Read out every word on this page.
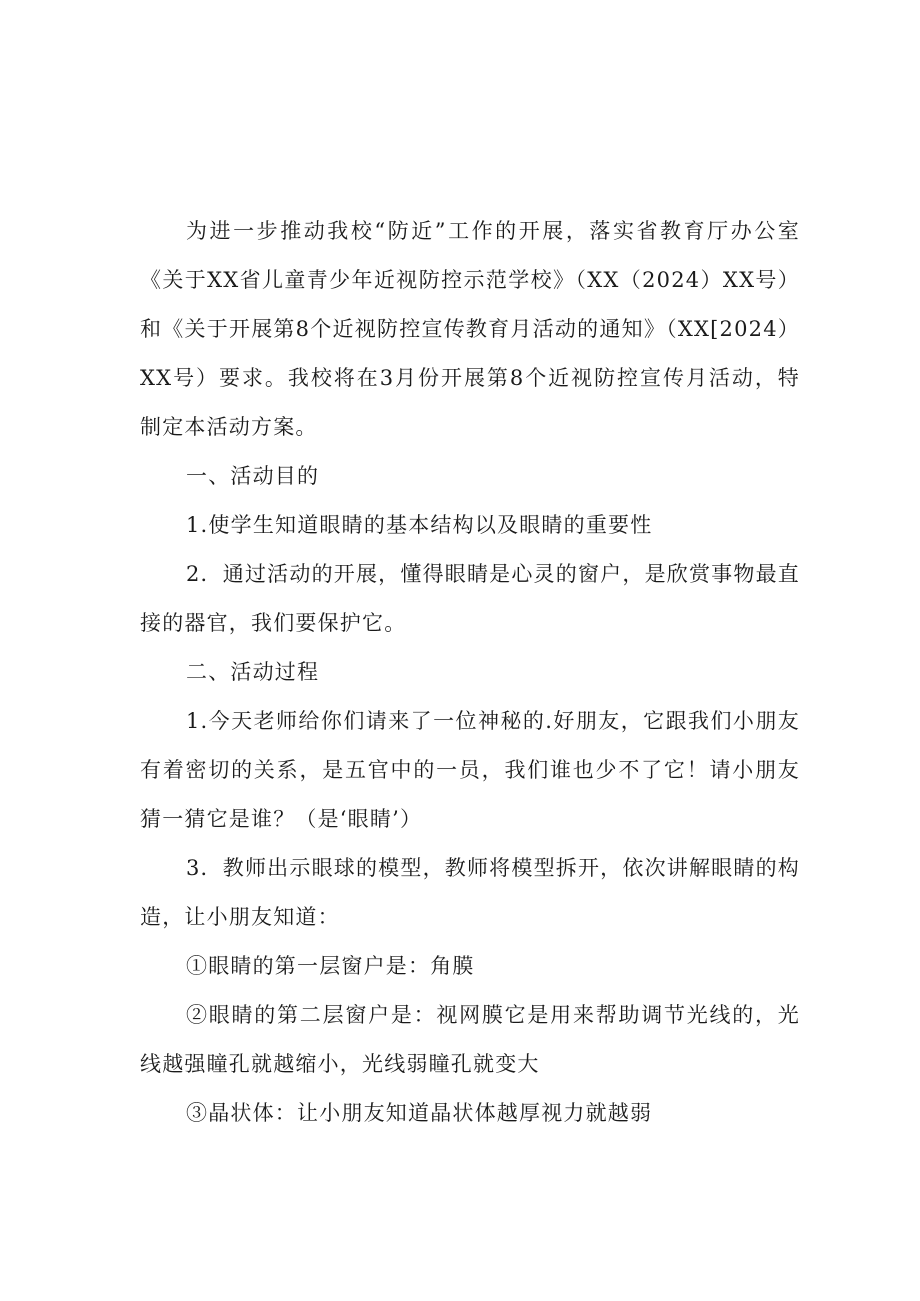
为进一步推动我校“防近”工作的开展，落实省教育厅办公室《关于XX省儿童青少年近视防控示范学校》（XX（2024）XX号）和《关于开展第8个近视防控宣传教育月活动的通知》（XX[2024）XX号）要求。我校将在3月份开展第8个近视防控宣传月活动，特制定本活动方案。

一、活动目的

1.使学生知道眼睛的基本结构以及眼睛的重要性

2．通过活动的开展，懂得眼睛是心灵的窗户，是欣赏事物最直接的器官，我们要保护它。

二、活动过程

1.今天老师给你们请来了一位神秘的.好朋友，它跟我们小朋友有着密切的关系，是五官中的一员，我们谁也少不了它！请小朋友猜一猜它是谁？（是‘眼睛’）

3．教师出示眼球的模型，教师将模型拆开，依次讲解眼睛的构造，让小朋友知道：

①眼睛的第一层窗户是：角膜

②眼睛的第二层窗户是：视网膜它是用来帮助调节光线的，光线越强瞳孔就越缩小，光线弱瞳孔就变大

③晶状体：让小朋友知道晶状体越厚视力就越弱
